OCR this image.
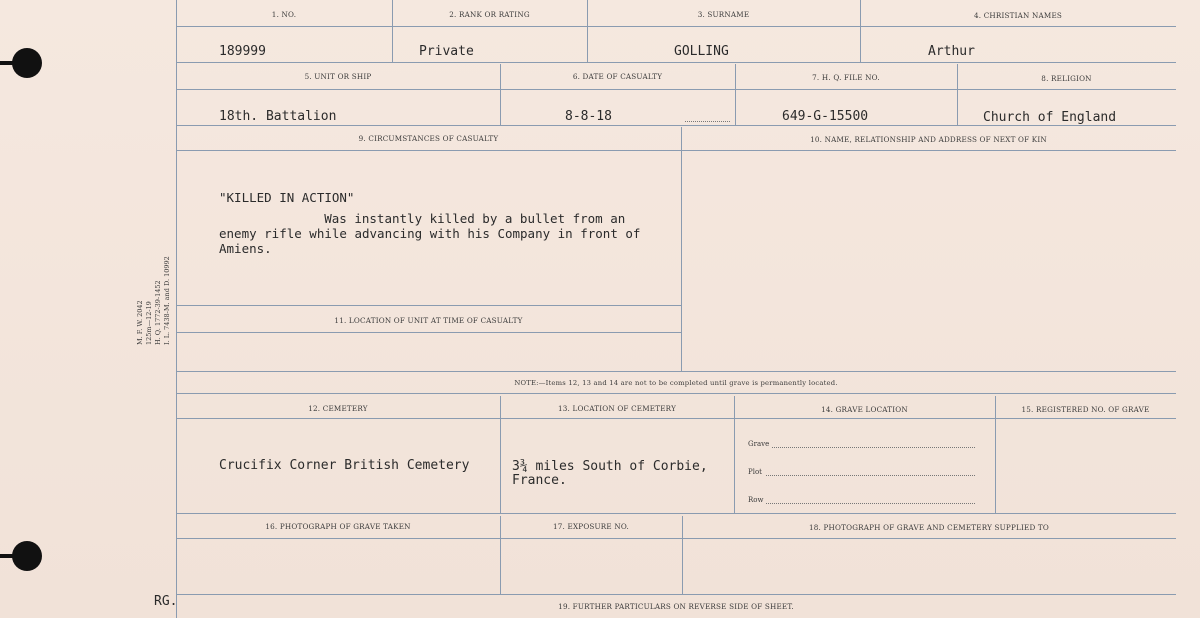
M. F. W. 2042 125m—12-19 H. Q. 1772-39-1452 I. L. 7438-M. and D. 10992
RG.
1. NO.	2. RANK OR RATING	3. SURNAME	4. CHRISTIAN NAMES
189999	Private	GOLLING	Arthur
5. UNIT OR SHIP	6. DATE OF CASUALTY	7. H. Q. FILE NO.	8. RELIGION
18th. Battalion	8-8-18	649-G-15500	Church of England
9. CIRCUMSTANCES OF CASUALTY	10. NAME, RELATIONSHIP AND ADDRESS OF NEXT OF KIN
"KILLED IN ACTION"
Was instantly killed by a bullet from an
enemy rifle while advancing with his Company in front of
Amiens.
11. LOCATION OF UNIT AT TIME OF CASUALTY
NOTE:—Items 12, 13 and 14 are not to be completed until grave is permanently located.
12. CEMETERY	13. LOCATION OF CEMETERY	14. GRAVE LOCATION	15. REGISTERED NO. OF GRAVE
Crucifix Corner British Cemetery	3¾ miles South of Corbie,
France.
Grave
Plot
Row
16. PHOTOGRAPH OF GRAVE TAKEN	17. EXPOSURE NO.	18. PHOTOGRAPH OF GRAVE AND CEMETERY SUPPLIED TO
19. FURTHER PARTICULARS ON REVERSE SIDE OF SHEET.
